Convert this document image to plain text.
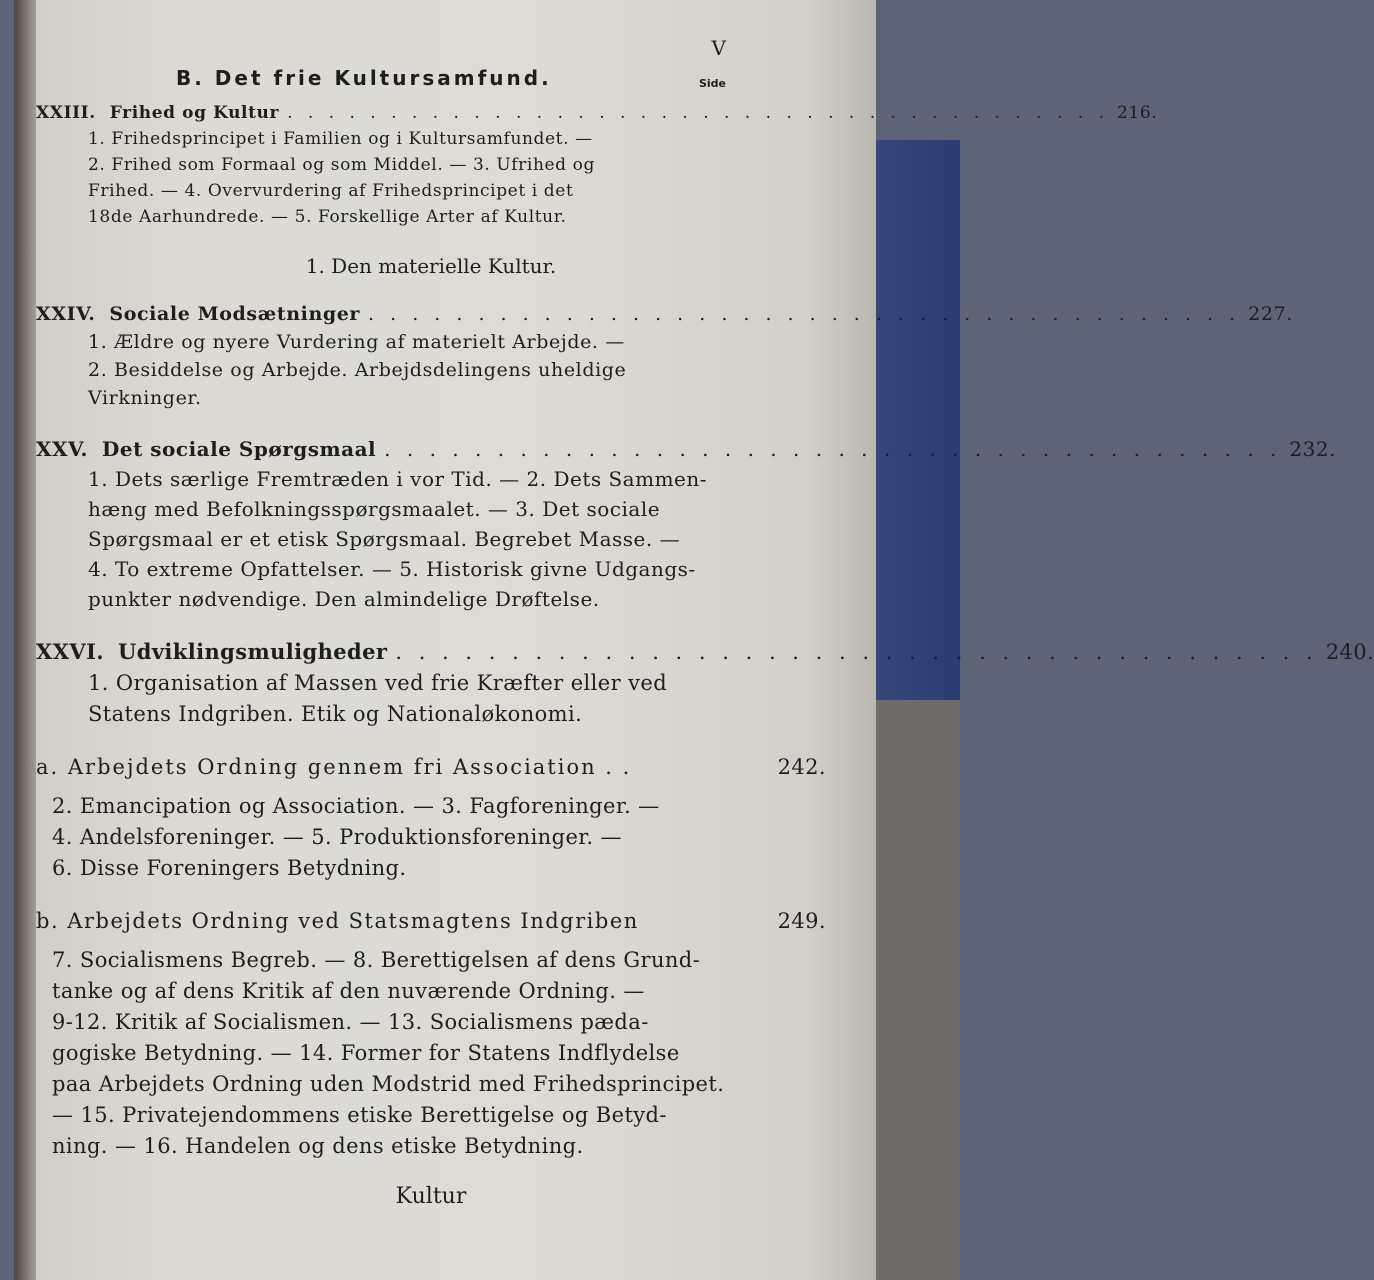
V
B. Det frie Kultursamfund.	Side
XXIII. Frihed og Kultur . . . . . . . . . . . . . . . . . . . . . . . . . . . . . . . . . . . . . . . . 216.
1. Frihedsprincipet i Familien og i Kultursamfundet. —
2. Frihed som Formaal og som Middel. — 3. Ufrihed og
Frihed. — 4. Overvurdering af Frihedsprincipet i det
18de Aarhundrede. — 5. Forskellige Arter af Kultur.
1. Den materielle Kultur.
XXIV. Sociale Modsætninger . . . . . . . . . . . . . . . . . . . . . . . . . . . . . . . . . . . . . . . . 227.
1. Ældre og nyere Vurdering af materielt Arbejde. —
2. Besiddelse og Arbejde. Arbejdsdelingens uheldige
Virkninger.
XXV. Det sociale Spørgsmaal . . . . . . . . . . . . . . . . . . . . . . . . . . . . . . . . . . . . . . . . 232.
1. Dets særlige Fremtræden i vor Tid. — 2. Dets Sammen-
hæng med Befolkningsspørgsmaalet. — 3. Det sociale
Spørgsmaal er et etisk Spørgsmaal. Begrebet Masse. —
4. To extreme Opfattelser. — 5. Historisk givne Udgangs-
punkter nødvendige. Den almindelige Drøftelse.
XXVI. Udviklingsmuligheder . . . . . . . . . . . . . . . . . . . . . . . . . . . . . . . . . . . . . . . . 240.
1. Organisation af Massen ved frie Kræfter eller ved
Statens Indgriben. Etik og Nationaløkonomi.
a. Arbejdets Ordning gennem fri Association . .	242.
2. Emancipation og Association. — 3. Fagforeninger. —
4. Andelsforeninger. — 5. Produktionsforeninger. —
6. Disse Foreningers Betydning.
b. Arbejdets Ordning ved Statsmagtens Indgriben	249.
7. Socialismens Begreb. — 8. Berettigelsen af dens Grund-
tanke og af dens Kritik af den nuværende Ordning. —
9-12. Kritik af Socialismen. — 13. Socialismens pæda-
gogiske Betydning. — 14. Former for Statens Indflydelse
paa Arbejdets Ordning uden Modstrid med Frihedsprincipet.
— 15. Privatejendommens etiske Berettigelse og Betyd-
ning. — 16. Handelen og dens etiske Betydning.
Kultur
